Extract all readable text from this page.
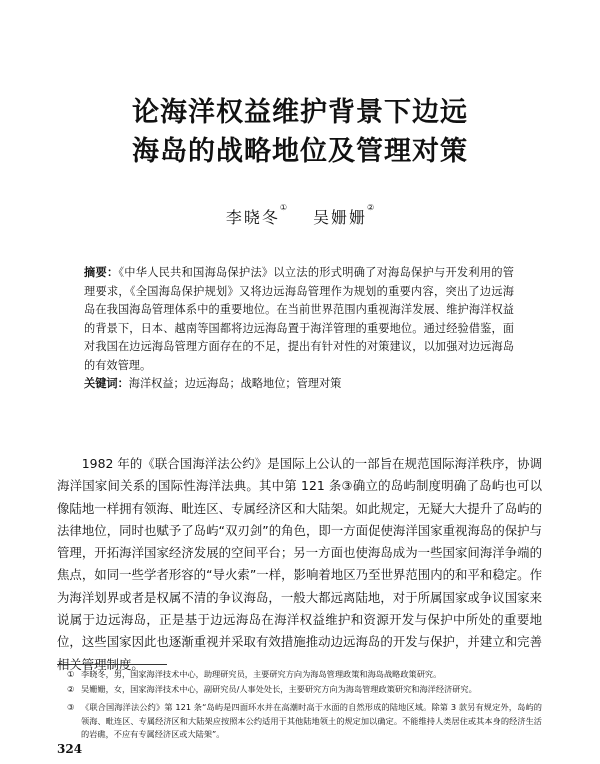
论海洋权益维护背景下边远
海岛的战略地位及管理对策
李晓冬①吴姗姗②
摘要：《中华人民共和国海岛保护法》以立法的形式明确了对海岛保护与开发利用的管理要求，《全国海岛保护规划》又将边远海岛管理作为规划的重要内容，突出了边远海岛在我国海岛管理体系中的重要地位。在当前世界范围内重视海洋发展、维护海洋权益的背景下，日本、越南等国都将边远海岛置于海洋管理的重要地位。通过经验借鉴，面对我国在边远海岛管理方面存在的不足，提出有针对性的对策建议，以加强对边远海岛的有效管理。
关键词：海洋权益；边远海岛；战略地位；管理对策

1982 年的《联合国海洋法公约》是国际上公认的一部旨在规范国际海洋秩序，协调海洋国家间关系的国际性海洋法典。其中第 121 条③确立的岛屿制度明确了岛屿也可以像陆地一样拥有领海、毗连区、专属经济区和大陆架。如此规定，无疑大大提升了岛屿的法律地位，同时也赋予了岛屿“双刃剑”的角色，即一方面促使海洋国家重视海岛的保护与管理，开拓海洋国家经济发展的空间平台；另一方面也使海岛成为一些国家间海洋争端的焦点，如同一些学者形容的“导火索”一样，影响着地区乃至世界范围内的和平和稳定。作为海洋划界或者是权属不清的争议海岛，一般大都远离陆地，对于所属国家或争议国家来说属于边远海岛，正是基于边远海岛在海洋权益维护和资源开发与保护中所处的重要地位，这些国家因此也逐渐重视并采取有效措施推动边远海岛的开发与保护，并建立和完善相关管理制度。

① 李晓冬，男，国家海洋技术中心，助理研究员，主要研究方向为海岛管理政策和海岛战略政策研究。
② 吴姗姗，女，国家海洋技术中心，副研究员/人事处处长，主要研究方向为海岛管理政策研究和海洋经济研究。
③ 《联合国海洋法公约》第 121 条“岛屿是四面环水并在高潮时高于水面的自然形成的陆地区域。除第 3 款另有规定外，岛屿的领海、毗连区、专属经济区和大陆架应按照本公约适用于其他陆地领土的规定加以确定。不能维持人类居住或其本身的经济生活的岩礁，不应有专属经济区或大陆架”。
324
